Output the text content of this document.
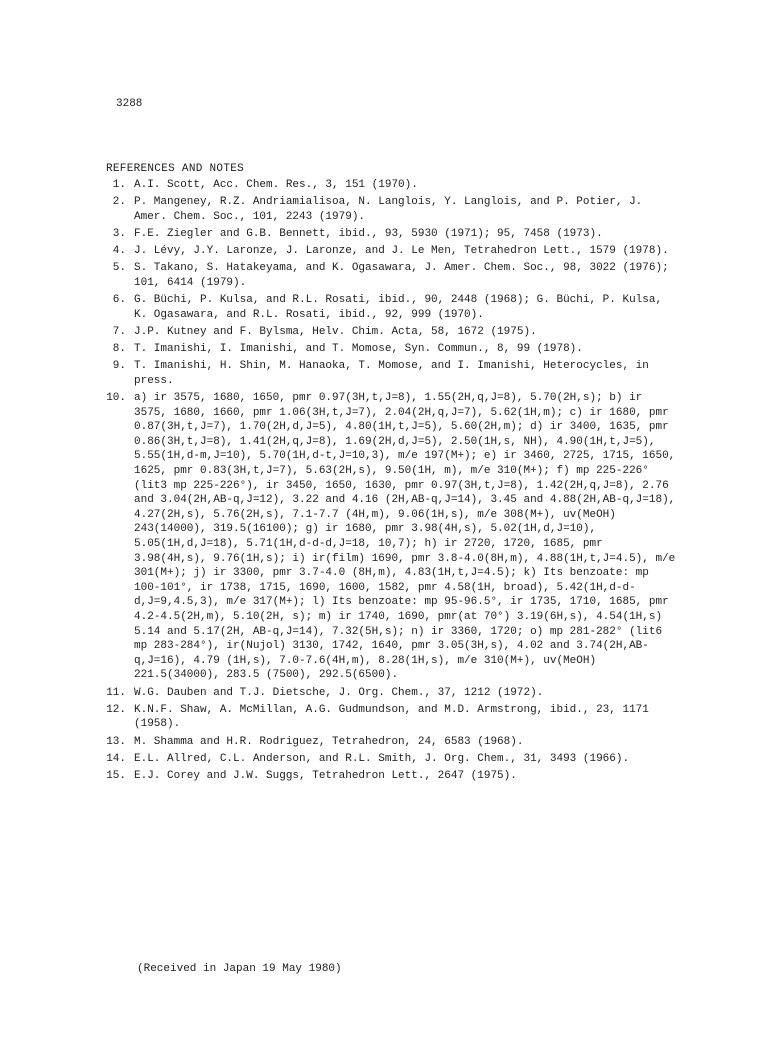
3288
REFERENCES AND NOTES
1. A.I. Scott, Acc. Chem. Res., 3, 151 (1970).
2. P. Mangeney, R.Z. Andriamialisoa, N. Langlois, Y. Langlois, and P. Potier, J. Amer. Chem. Soc., 101, 2243 (1979).
3. F.E. Ziegler and G.B. Bennett, ibid., 93, 5930 (1971); 95, 7458 (1973).
4. J. Lévy, J.Y. Laronze, J. Laronze, and J. Le Men, Tetrahedron Lett., 1579 (1978).
5. S. Takano, S. Hatakeyama, and K. Ogasawara, J. Amer. Chem. Soc., 98, 3022 (1976); 101, 6414 (1979).
6. G. Büchi, P. Kulsa, and R.L. Rosati, ibid., 90, 2448 (1968); G. Büchi, P. Kulsa, K. Ogasawara, and R.L. Rosati, ibid., 92, 999 (1970).
7. J.P. Kutney and F. Bylsma, Helv. Chim. Acta, 58, 1672 (1975).
8. T. Imanishi, I. Imanishi, and T. Momose, Syn. Commun., 8, 99 (1978).
9. T. Imanishi, H. Shin, M. Hanaoka, T. Momose, and I. Imanishi, Heterocycles, in press.
10. a) ir 3575, 1680, 1650, pmr 0.97(3H,t,J=8), 1.55(2H,q,J=8), 5.70(2H,s); b) ir 3575, 1680, 1660, pmr 1.06(3H,t,J=7), 2.04(2H,q,J=7), 5.62(1H,m); c) ir 1680, pmr 0.87(3H,t,J=7), 1.70(2H,d,J=5), 4.80(1H,t,J=5), 5.60(2H,m); d) ir 3400, 1635, pmr 0.86(3H,t,J=8), 1.41(2H,q,J=8), 1.69(2H,d,J=5), 2.50(1H,s, NH), 4.90(1H,t,J=5), 5.55(1H,d-m,J=10), 5.70(1H,d-t,J=10,3), m/e 197(M+); e) ir 3460, 2725, 1715, 1650, 1625, pmr 0.83(3H,t,J=7), 5.63(2H,s), 9.50(1H, m), m/e 310(M+); f) mp 225-226° (lit3 mp 225-226°), ir 3450, 1650, 1630, pmr 0.97(3H,t,J=8), 1.42(2H,q,J=8), 2.76 and 3.04(2H,AB-q,J=12), 3.22 and 4.16 (2H,AB-q,J=14), 3.45 and 4.88(2H,AB-q,J=18), 4.27(2H,s), 5.76(2H,s), 7.1-7.7 (4H,m), 9.06(1H,s), m/e 308(M+), uv(MeOH) 243(14000), 319.5(16100); g) ir 1680, pmr 3.98(4H,s), 5.02(1H,d,J=10), 5.05(1H,d,J=18), 5.71(1H,d-d-d,J=18, 10,7); h) ir 2720, 1720, 1685, pmr 3.98(4H,s), 9.76(1H,s); i) ir(film) 1690, pmr 3.8-4.0(8H,m), 4.88(1H,t,J=4.5), m/e 301(M+); j) ir 3300, pmr 3.7-4.0 (8H,m), 4.83(1H,t,J=4.5); k) Its benzoate: mp 100-101°, ir 1738, 1715, 1690, 1600, 1582, pmr 4.58(1H, broad), 5.42(1H,d-d-d,J=9,4.5,3), m/e 317(M+); l) Its benzoate: mp 95-96.5°, ir 1735, 1710, 1685, pmr 4.2-4.5(2H,m), 5.10(2H, s); m) ir 1740, 1690, pmr(at 70°) 3.19(6H,s), 4.54(1H,s) 5.14 and 5.17(2H, AB-q,J=14), 7.32(5H,s); n) ir 3360, 1720; o) mp 281-282° (lit6 mp 283-284°), ir(Nujol) 3130, 1742, 1640, pmr 3.05(3H,s), 4.02 and 3.74(2H,AB-q,J=16), 4.79 (1H,s), 7.0-7.6(4H,m), 8.28(1H,s), m/e 310(M+), uv(MeOH) 221.5(34000), 283.5 (7500), 292.5(6500).
11. W.G. Dauben and T.J. Dietsche, J. Org. Chem., 37, 1212 (1972).
12. K.N.F. Shaw, A. McMillan, A.G. Gudmundson, and M.D. Armstrong, ibid., 23, 1171 (1958).
13. M. Shamma and H.R. Rodriguez, Tetrahedron, 24, 6583 (1968).
14. E.L. Allred, C.L. Anderson, and R.L. Smith, J. Org. Chem., 31, 3493 (1966).
15. E.J. Corey and J.W. Suggs, Tetrahedron Lett., 2647 (1975).
(Received in Japan 19 May 1980)
